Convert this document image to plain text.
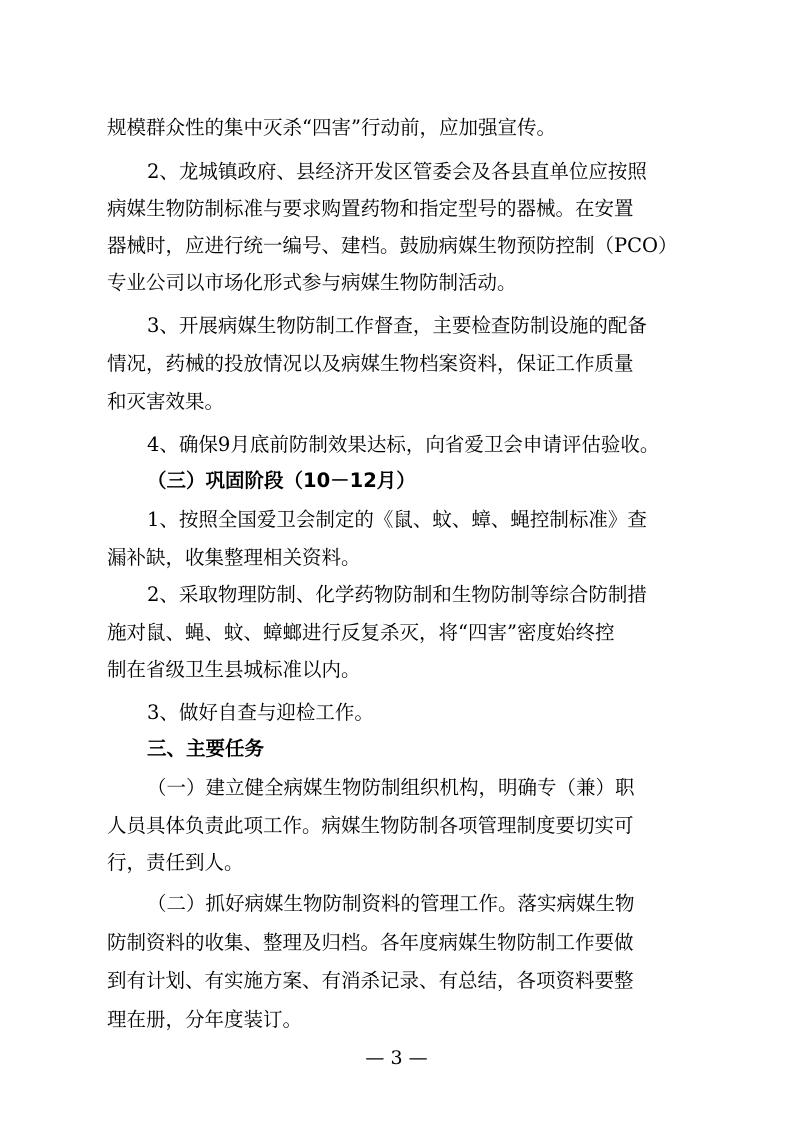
规模群众性的集中灭杀“四害”行动前，应加强宣传。
2、龙城镇政府、县经济开发区管委会及各县直单位应按照
病媒生物防制标准与要求购置药物和指定型号的器械。在安置
器械时，应进行统一编号、建档。鼓励病媒生物预防控制（PCO）
专业公司以市场化形式参与病媒生物防制活动。
3、开展病媒生物防制工作督查，主要检查防制设施的配备
情况，药械的投放情况以及病媒生物档案资料，保证工作质量
和灭害效果。
4、确保9月底前防制效果达标，向省爱卫会申请评估验收。
（三）巩固阶段（10－12月）
1、按照全国爱卫会制定的《鼠、蚊、蟑、蝇控制标准》查
漏补缺，收集整理相关资料。
2、采取物理防制、化学药物防制和生物防制等综合防制措
施对鼠、蝇、蚊、蟑螂进行反复杀灭，将“四害”密度始终控
制在省级卫生县城标准以内。
3、做好自查与迎检工作。
三、主要任务
（一）建立健全病媒生物防制组织机构，明确专（兼）职
人员具体负责此项工作。病媒生物防制各项管理制度要切实可
行，责任到人。
（二）抓好病媒生物防制资料的管理工作。落实病媒生物
防制资料的收集、整理及归档。各年度病媒生物防制工作要做
到有计划、有实施方案、有消杀记录、有总结，各项资料要整
理在册，分年度装订。
— 3 —
